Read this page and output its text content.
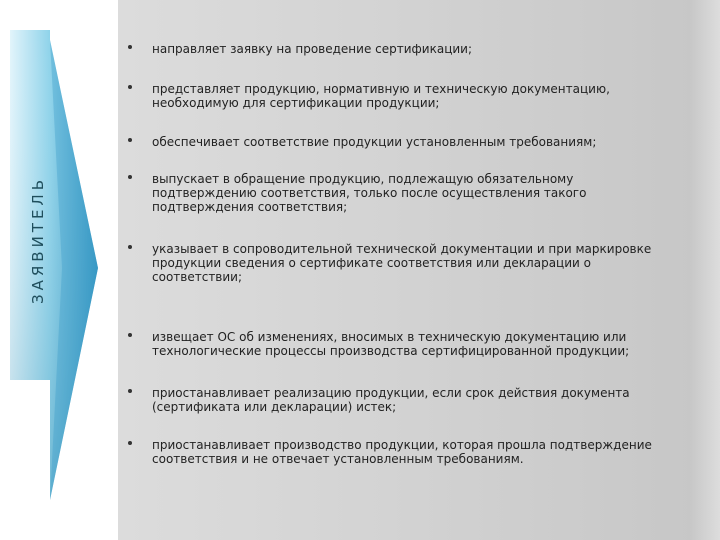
ЗАЯВИТЕЛЬ
направляет заявку на проведение сертификации;
представляет продукцию, нормативную и техническую документацию, необходимую для сертификации продукции;
обеспечивает соответствие продукции установленным требованиям;
выпускает в обращение продукцию, подлежащую обязательному подтверждению соответствия, только после осуществления такого подтверждения соответствия;
указывает в сопроводительной технической документации и при маркировке продукции сведения о сертификате соответствия или декларации о соответствии;
извещает ОС об изменениях, вносимых в техническую документацию или технологические процессы производства сертифицированной продукции;
приостанавливает реализацию продукции, если срок действия документа (сертификата или декларации) истек;
приостанавливает производство продукции, которая прошла подтверждение соответствия и не отвечает установленным требованиям.
